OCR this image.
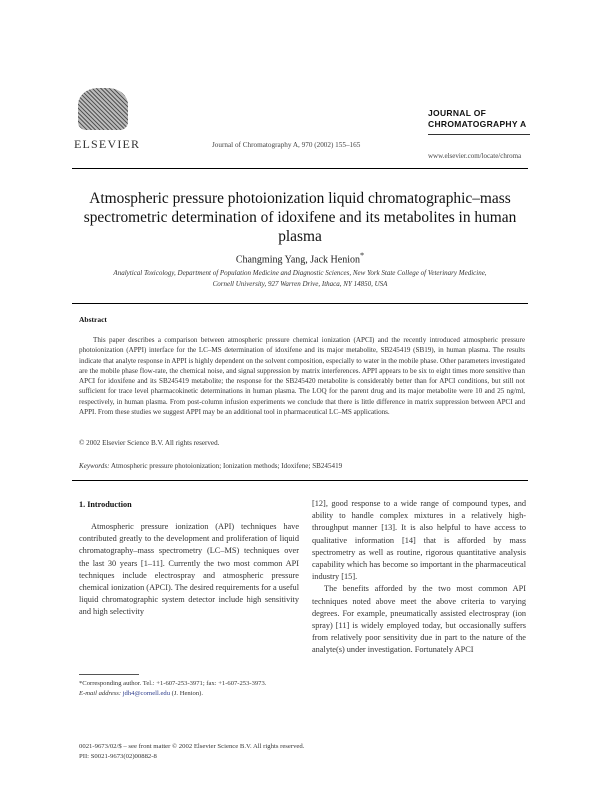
ELSEVIER	Journal of Chromatography A, 970 (2002) 155–165
JOURNAL OF
CHROMATOGRAPHY A
www.elsevier.com/locate/chroma
Atmospheric pressure photoionization liquid chromatographic–mass spectrometric determination of idoxifene and its metabolites in human plasma
Changming Yang, Jack Henion*
Analytical Toxicology, Department of Population Medicine and Diagnostic Sciences, New York State College of Veterinary Medicine,
Cornell University, 927 Warren Drive, Ithaca, NY 14850, USA
Abstract
This paper describes a comparison between atmospheric pressure chemical ionization (APCI) and the recently introduced atmospheric pressure photoionization (APPI) interface for the LC–MS determination of idoxifene and its major metabolite, SB245419 (SB19), in human plasma. The results indicate that analyte response in APPI is highly dependent on the solvent composition, especially to water in the mobile phase. Other parameters investigated are the mobile phase flow-rate, the chemical noise, and signal suppression by matrix interferences. APPI appears to be six to eight times more sensitive than APCI for idoxifene and its SB245419 metabolite; the response for the SB245420 metabolite is considerably better than for APCI conditions, but still not sufficient for trace level pharmacokinetic determinations in human plasma. The LOQ for the parent drug and its major metabolite were 10 and 25 ng/ml, respectively, in human plasma. From post-column infusion experiments we conclude that there is little difference in matrix suppression between APCI and APPI. From these studies we suggest APPI may be an additional tool in pharmaceutical LC–MS applications.
© 2002 Elsevier Science B.V. All rights reserved.
Keywords: Atmospheric pressure photoionization; Ionization methods; Idoxifene; SB245419
1. Introduction
Atmospheric pressure ionization (API) techniques have contributed greatly to the development and proliferation of liquid chromatography–mass spectrometry (LC–MS) techniques over the last 30 years [1–11]. Currently the two most common API techniques include electrospray and atmospheric pressure chemical ionization (APCI). The desired requirements for a useful liquid chromatographic system detector include high sensitivity and high selectivity
[12], good response to a wide range of compound types, and ability to handle complex mixtures in a relatively high-throughput manner [13]. It is also helpful to have access to qualitative information [14] that is afforded by mass spectrometry as well as routine, rigorous quantitative analysis capability which has become so important in the pharmaceutical industry [15].
The benefits afforded by the two most common API techniques noted above meet the above criteria to varying degrees. For example, pneumatically assisted electrospray (ion spray) [11] is widely employed today, but occasionally suffers from relatively poor sensitivity due in part to the nature of the analyte(s) under investigation. Fortunately APCI
*Corresponding author. Tel.: +1-607-253-3971; fax: +1-607-253-3973.
E-mail address: jdh4@cornell.edu (J. Henion).
0021-9673/02/$ – see front matter © 2002 Elsevier Science B.V. All rights reserved.
PII: S0021-9673(02)00882-8
